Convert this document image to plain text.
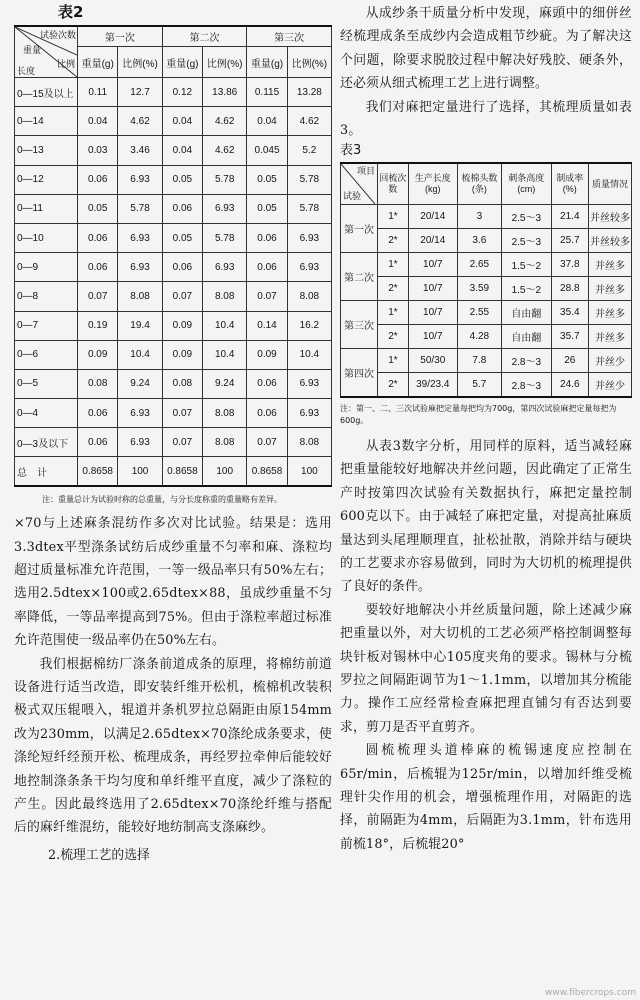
表2
试验次数
重量
比例
长度	第一次		第二次		第三次	
	重量(g)	比例(%)	重量(g)	比例(%)	重量(g)	比例(%)
0—15及以上	0.11	12.7	0.12	13.86	0.115	13.28
0—14	0.04	4.62	0.04	4.62	0.04	4.62
0—13	0.03	3.46	0.04	4.62	0.045	5.2
0—12	0.06	6.93	0.05	5.78	0.05	5.78
0—11	0.05	5.78	0.06	6.93	0.05	5.78
0—10	0.06	6.93	0.05	5.78	0.06	6.93
0—9	0.06	6.93	0.06	6.93	0.06	6.93
0—8	0.07	8.08	0.07	8.08	0.07	8.08
0—7	0.19	19.4	0.09	10.4	0.14	16.2
0—6	0.09	10.4	0.09	10.4	0.09	10.4
0—5	0.08	9.24	0.08	9.24	0.06	6.93
0—4	0.06	6.93	0.07	8.08	0.06	6.93
0—3及以下	0.06	6.93	0.07	8.08	0.07	8.08
总　计	0.8658	100	0.8658	100	0.8658	100
注：重量总计为试验时称的总重量，与分长度称重的重量略有差异。

×70与上述麻条混纺作多次对比试验。结果是：选用3.3dtex平型涤条试纺后成纱重量不匀率和麻、涤粒均超过质量标准允许范围，一等一级品率只有50%左右；选用2.5dtex×100或2.65dtex×88，虽成纱重量不匀率降低，一等品率提高到75%。但由于涤粒率超过标准允许范围使一级品率仍在50%左右。

我们根据棉纺厂涤条前道成条的原理，将棉纺前道设备进行适当改造，即安装纤维开松机，梳棉机改装积极式双压辊喂入，辊道并条机罗拉总隔距由原154mm改为230mm，以满足2.65dtex×70涤纶成条要求，使涤纶短纤经预开松、梳理成条，再经罗拉牵伸后能较好地控制涤条条干均匀度和单纤维平直度，减少了涤粒的产生。因此最终选用了2.65dtex×70涤纶纤维与搭配后的麻纤维混纺，能较好地纺制高支涤麻纱。

2.梳理工艺的选择

从成纱条干质量分析中发现，麻頭中的细併丝经梳理成条至成纱内会造成粗节纱疵。为了解决这个问题，除要求脱胶过程中解决好残胶、硬条外，还必须从细式梳理工艺上进行调整。

我们对麻把定量进行了选择，其梳理质量如表3。

表3
项目
试验	回梳次数	生产长度(kg)	梳棉头数(条)	刺条高度(cm)	制成率(%)	质量情况
第一次	1*	20/14	3	2.5～3	21.4	并丝较多
	2*	20/14	3.6	2.5～3	25.7	并丝较多
第二次	1*	10/7	2.65	1.5～2	37.8	并丝多
	2*	10/7	3.59	1.5～2	28.8	并丝多
第三次	1*	10/7	2.55	自由翻	35.4	并丝多
	2*	10/7	4.28	自由翻	35.7	并丝多
第四次	1*	50/30	7.8	2.8～3	26	并丝少
	2*	39/23.4	5.7	2.8～3	24.6	并丝少
注：第一、二、三次试验麻把定量每把均为700g，第四次试验麻把定量每把为600g。

从表3数字分析，用同样的原料，适当减轻麻把重量能较好地解决并丝问题，因此确定了正常生产时按第四次试验有关数据执行，麻把定量控制600克以下。由于减轻了麻把定量，对提高扯麻质量达到头尾理顺理直，扯松扯散，消除并结与硬块的工艺要求亦容易做到，同时为大切机的梳理提供了良好的条件。

要较好地解决小并丝质量问题，除上述减少麻把重量以外，对大切机的工艺必须严格控制调整每块针板对锡林中心105度夹角的要求。锡林与分梳罗拉之间隔距调节为1～1.1mm，以增加其分梳能力。操作工应经常检查麻把理直铺匀有否达到要求，剪刀是否平直剪齐。

圆梳梳理头道棒麻的梳锡速度应控制在65r/min，后梳辊为125r/min，以增加纤维受梳理针尖作用的机会，增强梳理作用，对隔距的选择，前隔距为4mm，后隔距为3.1mm，针布选用前梳18°，后梳辊20°

www.fibercrops.com
